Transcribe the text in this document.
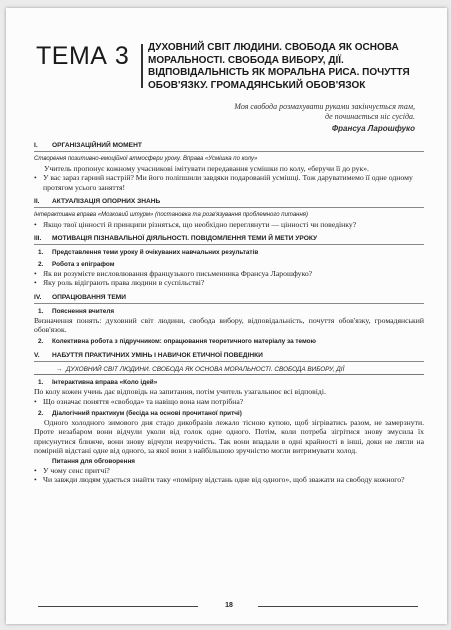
ТЕМА 3 ДУХОВНИЙ СВІТ ЛЮДИНИ. СВОБОДА ЯК ОСНОВА МОРАЛЬНОСТІ. СВОБОДА ВИБОРУ, ДІЇ. ВІДПОВІДАЛЬНІСТЬ ЯК МОРАЛЬНА РИСА. ПОЧУТТЯ ОБОВ'ЯЗКУ. ГРОМАДЯНСЬКИЙ ОБОВ'ЯЗОК
Моя свобода розмахувати руками закінчується там,
де починається ніс сусіда.
Франсуа Ларошфуко
I.	ОРГАНІЗАЦІЙНИЙ МОМЕНТ
Створення позитивно-емоційної атмосфери уроку. Вправа «Усмішка по колу»
Учитель пропонує кожному учасникові імітувати передавання усмішки по колу, «беручи її до рук».
• У вас зараз гарний настрій? Ми його поліпшили завдяки подарованій усмішці. Тож даруватимемо її одне одному протягом усього заняття!
II.	АКТУАЛІЗАЦІЯ ОПОРНИХ ЗНАНЬ
Інтерактивна вправа «Мозковий штурм» (постановка та розв'язування проблемного питання)
• Якщо твої цінності й принципи різняться, що необхідно переглянути — цінності чи поведінку?
III.	МОТИВАЦІЯ ПІЗНАВАЛЬНОЇ ДІЯЛЬНОСТІ. ПОВІДОМЛЕННЯ ТЕМИ Й МЕТИ УРОКУ
1.	Представлення теми уроку й очікуваних навчальних результатів
2.	Робота з епіграфом
• Як ви розумієте висловлювання французького письменника Франсуа Ларошфуко?
• Яку роль відіграють права людини в суспільстві?
IV.	ОПРАЦЮВАННЯ ТЕМИ
1.	Пояснення вчителя
Визначення понять: духовний світ людини, свобода вибору, відповідальність, почуття обов'язку, громадянський обов'язок.
2.	Колективна робота з підручником: опрацювання теоретичного матеріалу за темою
V.	НАБУТТЯ ПРАКТИЧНИХ УМІНЬ І НАВИЧОК ЕТИЧНОЇ ПОВЕДІНКИ
→ ДУХОВНИЙ СВІТ ЛЮДИНИ. СВОБОДА ЯК ОСНОВА МОРАЛЬНОСТІ. СВОБОДА ВИБОРУ, ДІЇ
1.	Інтерактивна вправа «Коло ідей»
По колу кожен учень дає відповідь на запитання, потім учитель узагальнює всі відповіді.
• Що означає поняття «свобода» та навіщо вона нам потрібна?
2.	Діалогічний практикум (бесіда на основі прочитаної притчі)
Одного холодного зимового дня стадо дикобразів лежало тісною купою, щоб зігріватись разом, не замерзнути. Проте незабаром вони відчули уколи від голок одне одного. Потім, коли потреба зігрітися знову змусила їх присунутися ближче, вони знову відчули незручність. Так вони впадали в одні крайності в інші, доки не лягли на помірній відстані одне від одного, за якої вони з найбільшою зручністю могли витримувати холод.
Питання для обговорення
• У чому сенс притчі?
• Чи завжди людям удається знайти таку «помірну відстань одне від одного», щоб зважати на свободу кожного?
18
